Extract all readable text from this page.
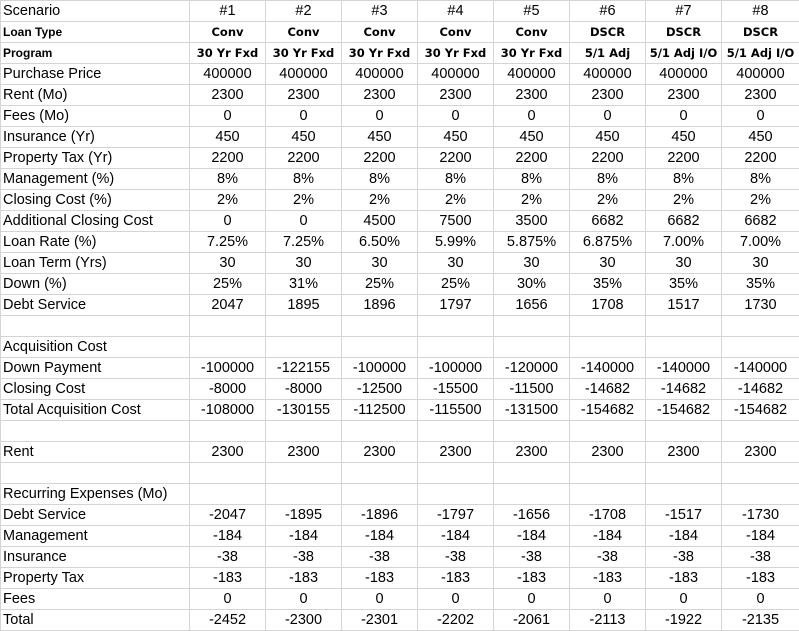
Scenario	#1	#2	#3	#4	#5	#6	#7	#8
Loan Type	Conv	Conv	Conv	Conv	Conv	DSCR	DSCR	DSCR
Program	30 Yr Fxd	30 Yr Fxd	30 Yr Fxd	30 Yr Fxd	30 Yr Fxd	5/1 Adj	5/1 Adj I/O	5/1 Adj I/O
Purchase Price	400000	400000	400000	400000	400000	400000	400000	400000
Rent (Mo)	2300	2300	2300	2300	2300	2300	2300	2300
Fees (Mo)	0	0	0	0	0	0	0	0
Insurance (Yr)	450	450	450	450	450	450	450	450
Property Tax (Yr)	2200	2200	2200	2200	2200	2200	2200	2200
Management (%)	8%	8%	8%	8%	8%	8%	8%	8%
Closing Cost (%)	2%	2%	2%	2%	2%	2%	2%	2%
Additional Closing Cost	0	0	4500	7500	3500	6682	6682	6682
Loan Rate (%)	7.25%	7.25%	6.50%	5.99%	5.875%	6.875%	7.00%	7.00%
Loan Term (Yrs)	30	30	30	30	30	30	30	30
Down (%)	25%	31%	25%	25%	30%	35%	35%	35%
Debt Service	2047	1895	1896	1797	1656	1708	1517	1730

Acquisition Cost								
Down Payment	-100000	-122155	-100000	-100000	-120000	-140000	-140000	-140000
Closing Cost	-8000	-8000	-12500	-15500	-11500	-14682	-14682	-14682
Total Acquisition Cost	-108000	-130155	-112500	-115500	-131500	-154682	-154682	-154682

Rent	2300	2300	2300	2300	2300	2300	2300	2300

Recurring Expenses (Mo)								
Debt Service	-2047	-1895	-1896	-1797	-1656	-1708	-1517	-1730
Management	-184	-184	-184	-184	-184	-184	-184	-184
Insurance	-38	-38	-38	-38	-38	-38	-38	-38
Property Tax	-183	-183	-183	-183	-183	-183	-183	-183
Fees	0	0	0	0	0	0	0	0
Total	-2452	-2300	-2301	-2202	-2061	-2113	-1922	-2135
